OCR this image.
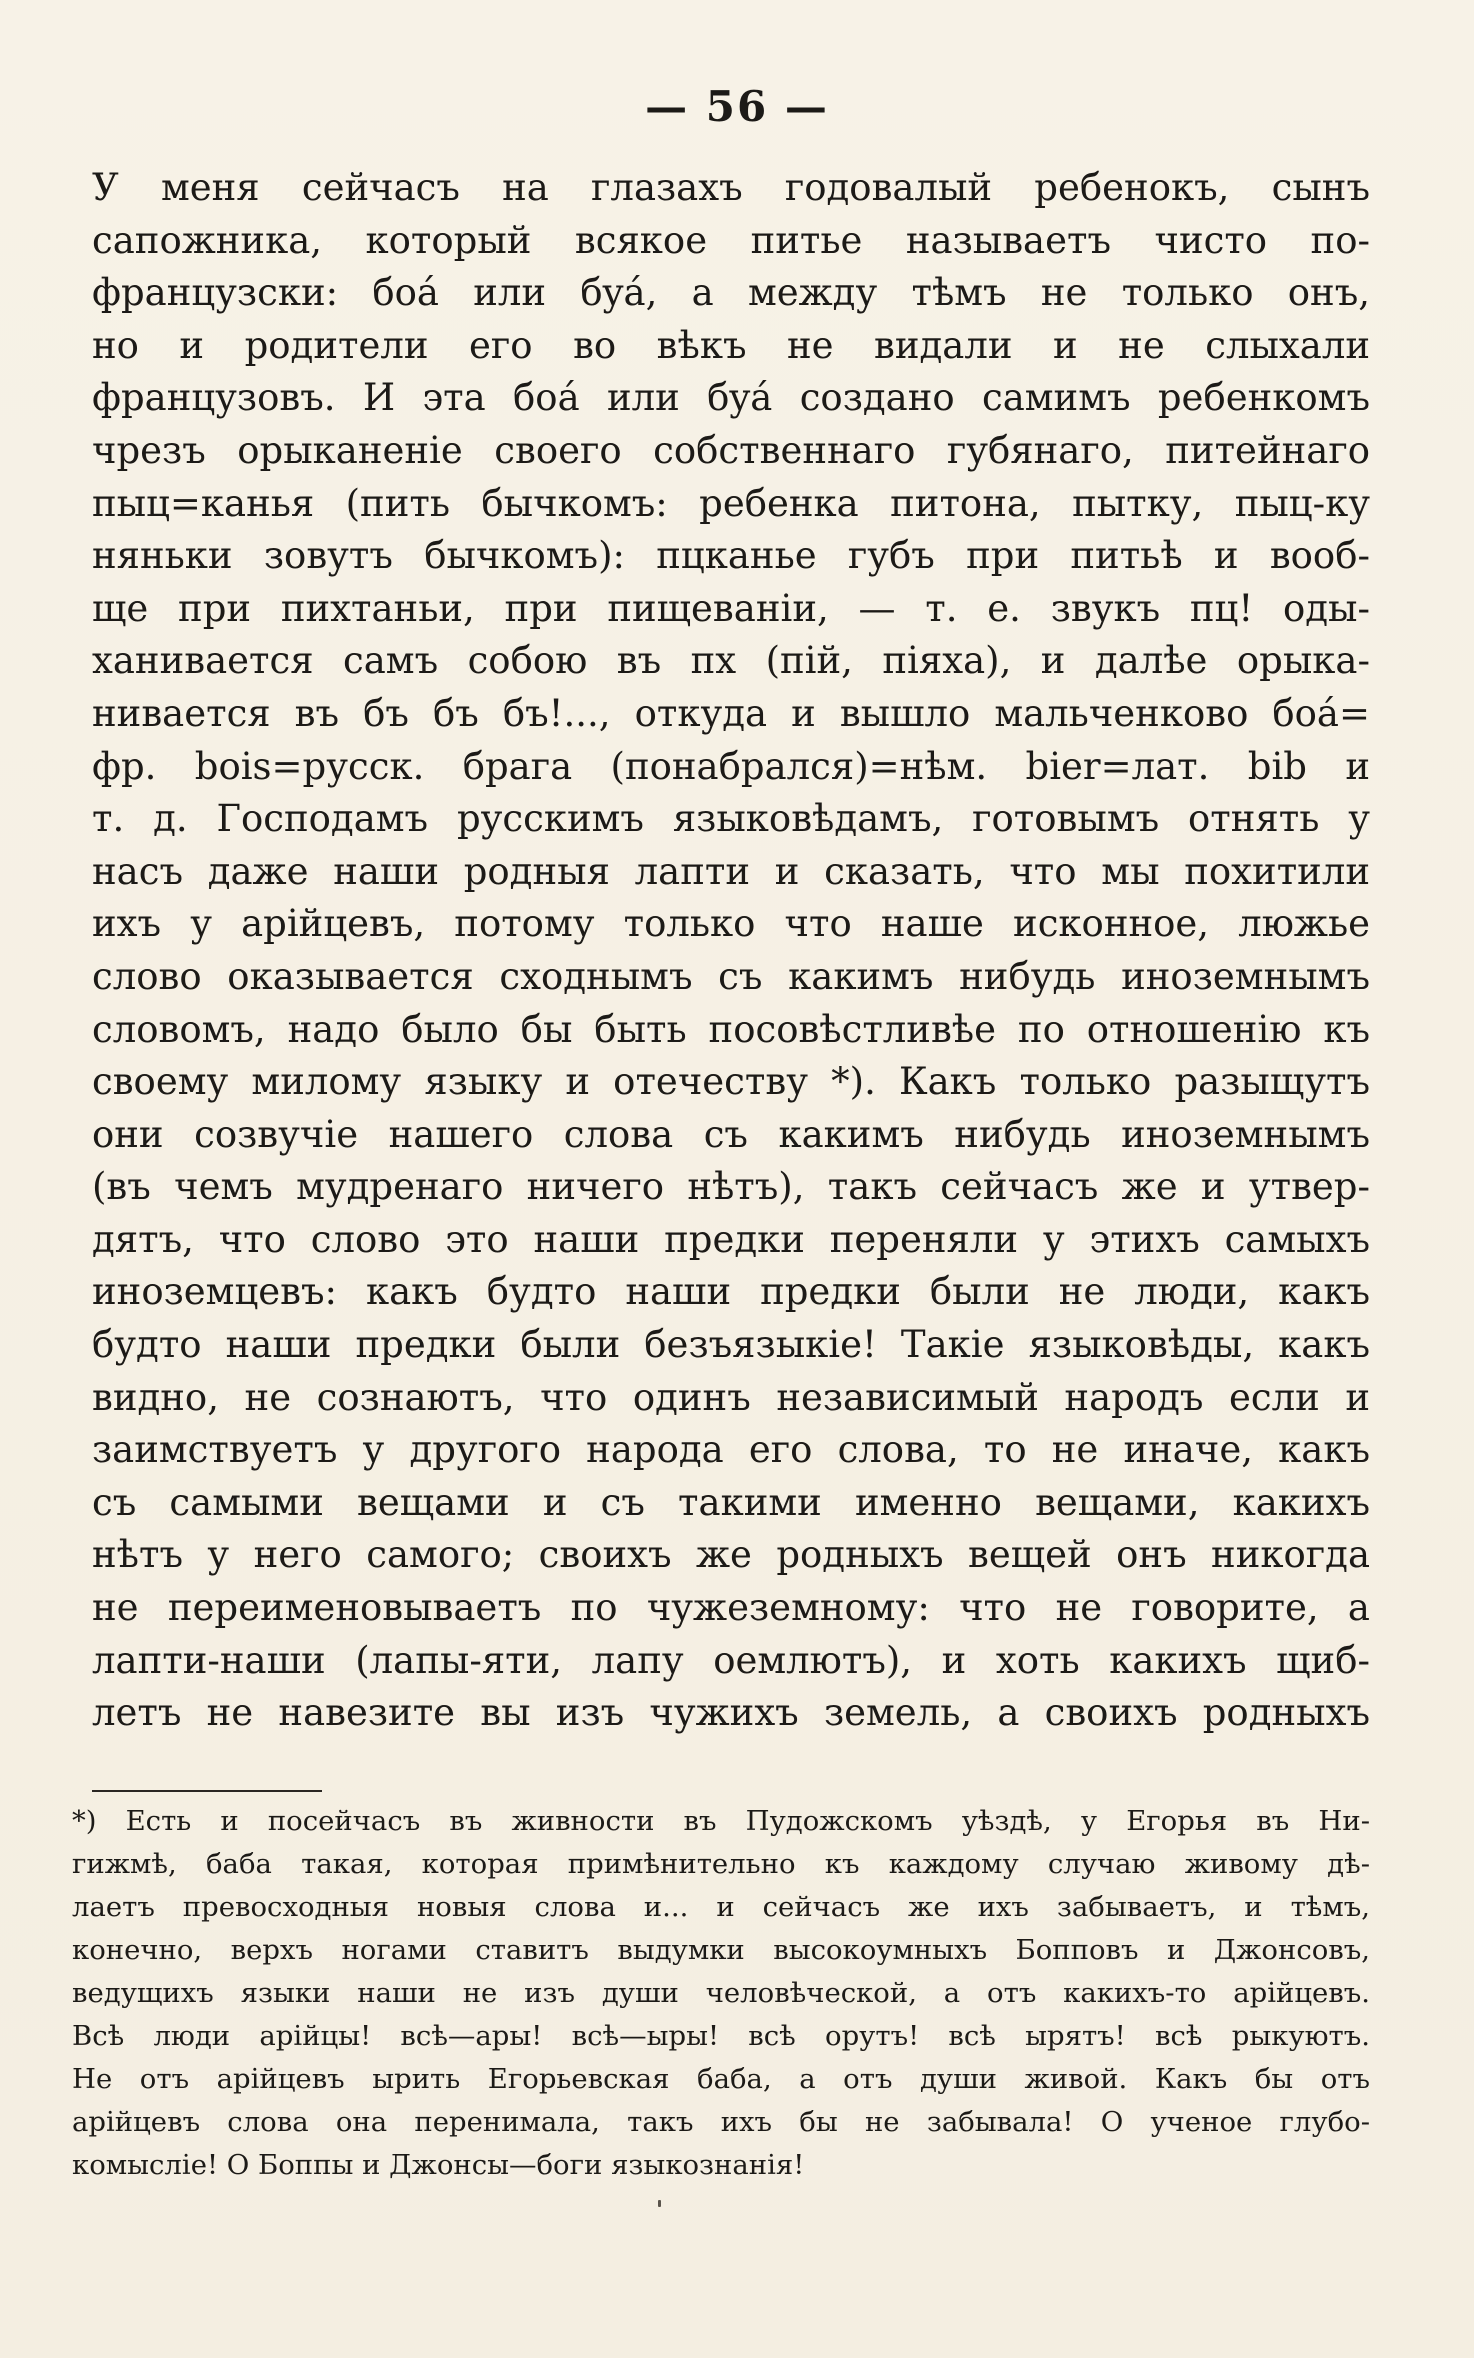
— 56 —
У меня сейчасъ на глазахъ годовалый ребенокъ, сынъ
сапожника, который всякое питье называетъ чисто по-
французски: боá или бyá, а между тѣмъ не только онъ,
но и родители его во вѣкъ не видали и не слыхали
французовъ. И эта боá или бyá создано самимъ ребенкомъ
чрезъ орыканеніе своего собственнаго губянаго, питейнаго
пыц=канья (пить бычкомъ: ребенка питона, пытку, пыц-ку
няньки зовутъ бычкомъ): пцканье губъ при питьѣ и вооб-
ще при пихтаньи, при пищеваніи, — т. е. звукъ пц! оды-
ханивается самъ собою въ пх (пій, піяха), и далѣе орыка-
нивается въ бъ бъ бъ!..., откуда и вышло мальченково боá=
фр. boіs=русск. брага (понабрался)=нѣм. bіer=лат. bіb и
т. д. Господамъ русскимъ языковѣдамъ, готовымъ отнять у
насъ даже наши родныя лапти и сказать, что мы похитили
ихъ у арійцевъ, потому только что наше исконное, люжье
слово оказывается сходнымъ съ какимъ нибудь иноземнымъ
словомъ, надо было бы быть посовѣстливѣе по отношенію къ
своему милому языку и отечеству *). Какъ только разыщутъ
они созвучіе нашего слова съ какимъ нибудь иноземнымъ
(въ чемъ мудренаго ничего нѣтъ), такъ сейчасъ же и утвер-
дятъ, что слово это наши предки переняли у этихъ самыхъ
иноземцевъ: какъ будто наши предки были не люди, какъ
будто наши предки были безъязыкіе! Такіе языковѣды, какъ
видно, не сознаютъ, что одинъ независимый народъ если и
заимствуетъ у другого народа его слова, то не иначе, какъ
съ самыми вещами и съ такими именно вещами, какихъ
нѣтъ у него самого; своихъ же родныхъ вещей онъ никогда
не переименовываетъ по чужеземному: что не говорите, а
лапти-наши (лапы-яти, лапу оемлютъ), и хоть какихъ щиб-
летъ не навезите вы изъ чужихъ земель, а своихъ родныхъ
*) Есть и посейчасъ въ живности въ Пудожскомъ уѣздѣ, у Егорья въ Ни-
гижмѣ, баба такая, которая примѣнительно къ каждому случаю живому дѣ-
лаетъ превосходныя новыя слова и... и сейчасъ же ихъ забываетъ, и тѣмъ,
конечно, верхъ ногами ставитъ выдумки высокоумныхъ Бопповъ и Джонсовъ,
ведущихъ языки наши не изъ души человѣческой, а отъ какихъ-то арійцевъ.
Всѣ люди арійцы! всѣ—ары! всѣ—ыры! всѣ орутъ! всѣ ырятъ! всѣ рыкуютъ.
Не отъ арійцевъ ырить Егорьевская баба, а отъ души живой. Какъ бы отъ
арійцевъ слова она перенимала, такъ ихъ бы не забывала! О ученое глубо-
комысліе! О Боппы и Джонсы—боги языкознанія!
